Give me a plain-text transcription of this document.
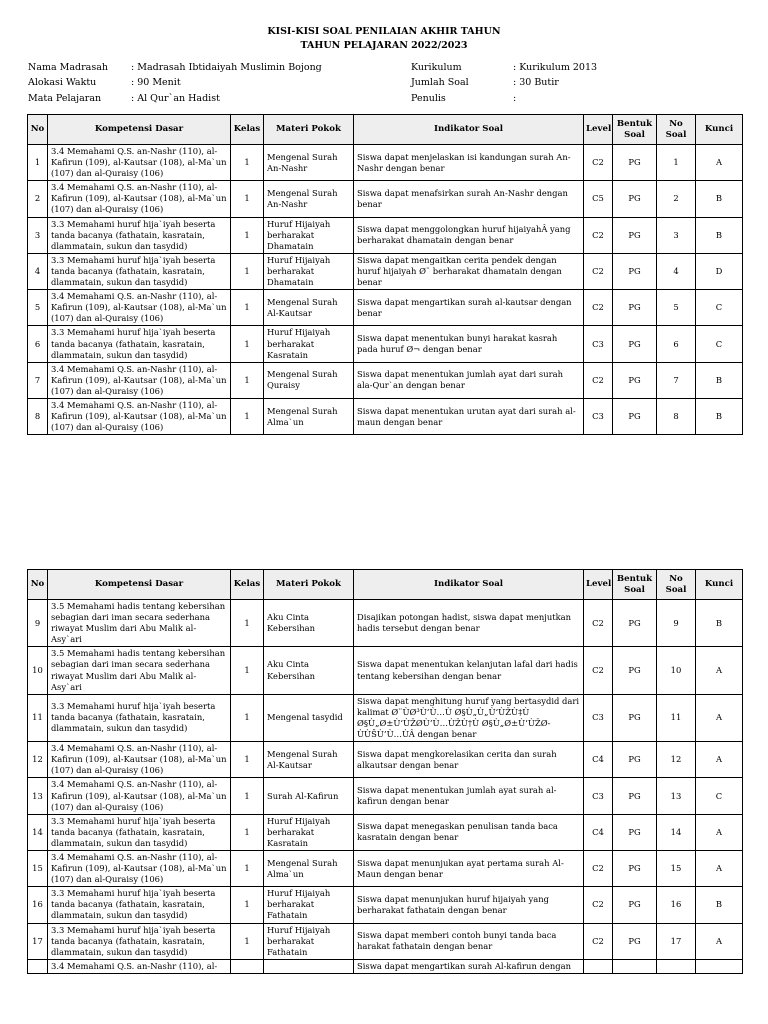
KISI-KISI SOAL PENILAIAN AKHIR TAHUN
TAHUN PELAJARAN 2022/2023
Nama Madrasah : Madrasah Ibtidaiyah Muslimin Bojong
Alokasi Waktu	: 90 Menit
Mata Pelajaran	: Al Qur`an Hadist
Kurikulum	: Kurikulum 2013
Jumlah Soal	: 30 Butir
Penulis	:
No	Kompetensi Dasar	Kelas	Materi Pokok	Indikator Soal	Level	Bentuk Soal	No Soal	Kunci
1	3.4 Memahami Q.S. an-Nashr (110), al-Kafirun (109), al-Kautsar (108), al-Ma`un (107) dan al-Quraisy (106)	1	Mengenal Surah An-Nashr	Siswa dapat menjelaskan isi kandungan surah An-Nashr dengan benar	C2	PG	1	A
2	3.4 Memahami Q.S. an-Nashr (110), al-Kafirun (109), al-Kautsar (108), al-Ma`un (107) dan al-Quraisy (106)	1	Mengenal Surah An-Nashr	Siswa dapat menafsirkan surah An-Nashr dengan benar	C5	PG	2	B
3	3.3 Memahami huruf hija`iyah beserta tanda bacanya (fathatain, kasratain, dlammatain, sukun dan tasydid)	1	Huruf Hijaiyah berharakat Dhamatain	Siswa dapat menggolongkan huruf hijaiyahÂ yang berharakat dhamatain dengan benar	C2	PG	3	B
4	3.3 Memahami huruf hija`iyah beserta tanda bacanya (fathatain, kasratain, dlammatain, sukun dan tasydid)	1	Huruf Hijaiyah berharakat Dhamatain	Siswa dapat mengaitkan cerita pendek dengan huruf hijaiyah Ø¨ berharakat dhamatain dengan benar	C2	PG	4	D
5	3.4 Memahami Q.S. an-Nashr (110), al-Kafirun (109), al-Kautsar (108), al-Ma`un (107) dan al-Quraisy (106)	1	Mengenal Surah Al-Kautsar	Siswa dapat mengartikan surah al-kautsar dengan benar	C2	PG	5	C
6	3.3 Memahami huruf hija`iyah beserta tanda bacanya (fathatain, kasratain, dlammatain, sukun dan tasydid)	1	Huruf Hijaiyah berharakat Kasratain	Siswa dapat menentukan bunyi harakat kasrah pada huruf Ø¬ dengan benar	C3	PG	6	C
7	3.4 Memahami Q.S. an-Nashr (110), al-Kafirun (109), al-Kautsar (108), al-Ma`un (107) dan al-Quraisy (106)	1	Mengenal Surah Quraisy	Siswa dapat menentukan jumlah ayat dari surah ala-Qur`an dengan benar	C2	PG	7	B
8	3.4 Memahami Q.S. an-Nashr (110), al-Kafirun (109), al-Kautsar (108), al-Ma`un (107) dan al-Quraisy (106)	1	Mengenal Surah Alma`un	Siswa dapat menentukan urutan ayat dari surah al-maun dengan benar	C3	PG	8	B
No	Kompetensi Dasar	Kelas	Materi Pokok	Indikator Soal	Level	Bentuk Soal	No Soal	Kunci
9	3.5 Memahami hadis tentang kebersihan sebagian dari iman secara sederhana riwayat Muslim dari Abu Malik al-Asy`ari	1	Aku Cinta Kebersihan	Disajikan potongan hadist, siswa dapat menjutkan hadis tersebut dengan benar	C2	PG	9	B
10	3.5 Memahami hadis tentang kebersihan sebagian dari iman secara sederhana riwayat Muslim dari Abu Malik al-Asy`ari	1	Aku Cinta Kebersihan	Siswa dapat menentukan kelanjutan lafal dari hadis tentang kebersihan dengan benar	C2	PG	10	A
11	3.3 Memahami huruf hija`iyah beserta tanda bacanya (fathatain, kasratain, dlammatain, sukun dan tasydid)	1	Mengenal tasydid	Siswa dapat menghitung huruf yang bertasydid dari kalimat Ø¨ÙØ³Ù’Ù…Ù Ø§Ù„Ù„Ù‘ÙŽÙ‡Ù Ø§Ù„Ø±Ù‘ÙŽØÙ’Ù…ÙŽÙ†Ù Ø§Ù„Ø±Ù‘ÙŽØÙÙŠÙ’Ù…ÙÂ dengan benar	C3	PG	11	A
12	3.4 Memahami Q.S. an-Nashr (110), al-Kafirun (109), al-Kautsar (108), al-Ma`un (107) dan al-Quraisy (106)	1	Mengenal Surah Al-Kautsar	Siswa dapat mengkorelasikan cerita dan surah alkautsar dengan benar	C4	PG	12	A
13	3.4 Memahami Q.S. an-Nashr (110), al-Kafirun (109), al-Kautsar (108), al-Ma`un (107) dan al-Quraisy (106)	1	Surah Al-Kafirun	Siswa dapat menentukan jumlah ayat surah al-kafirun dengan benar	C3	PG	13	C
14	3.3 Memahami huruf hija`iyah beserta tanda bacanya (fathatain, kasratain, dlammatain, sukun dan tasydid)	1	Huruf Hijaiyah berharakat Kasratain	Siswa dapat menegaskan penulisan tanda baca kasratain dengan benar	C4	PG	14	A
15	3.4 Memahami Q.S. an-Nashr (110), al-Kafirun (109), al-Kautsar (108), al-Ma`un (107) dan al-Quraisy (106)	1	Mengenal Surah Alma`un	Siswa dapat menunjukan ayat pertama surah Al-Maun dengan benar	C2	PG	15	A
16	3.3 Memahami huruf hija`iyah beserta tanda bacanya (fathatain, kasratain, dlammatain, sukun dan tasydid)	1	Huruf Hijaiyah berharakat Fathatain	Siswa dapat menunjukan huruf hijaiyah yang berharakat fathatain dengan benar	C2	PG	16	B
17	3.3 Memahami huruf hija`iyah beserta tanda bacanya (fathatain, kasratain, dlammatain, sukun dan tasydid)	1	Huruf Hijaiyah berharakat Fathatain	Siswa dapat memberi contoh bunyi tanda baca harakat fathatain dengan benar	C2	PG	17	A
	3.4 Memahami Q.S. an-Nashr (110), al-			Siswa dapat mengartikan surah Al-kafirun dengan				
